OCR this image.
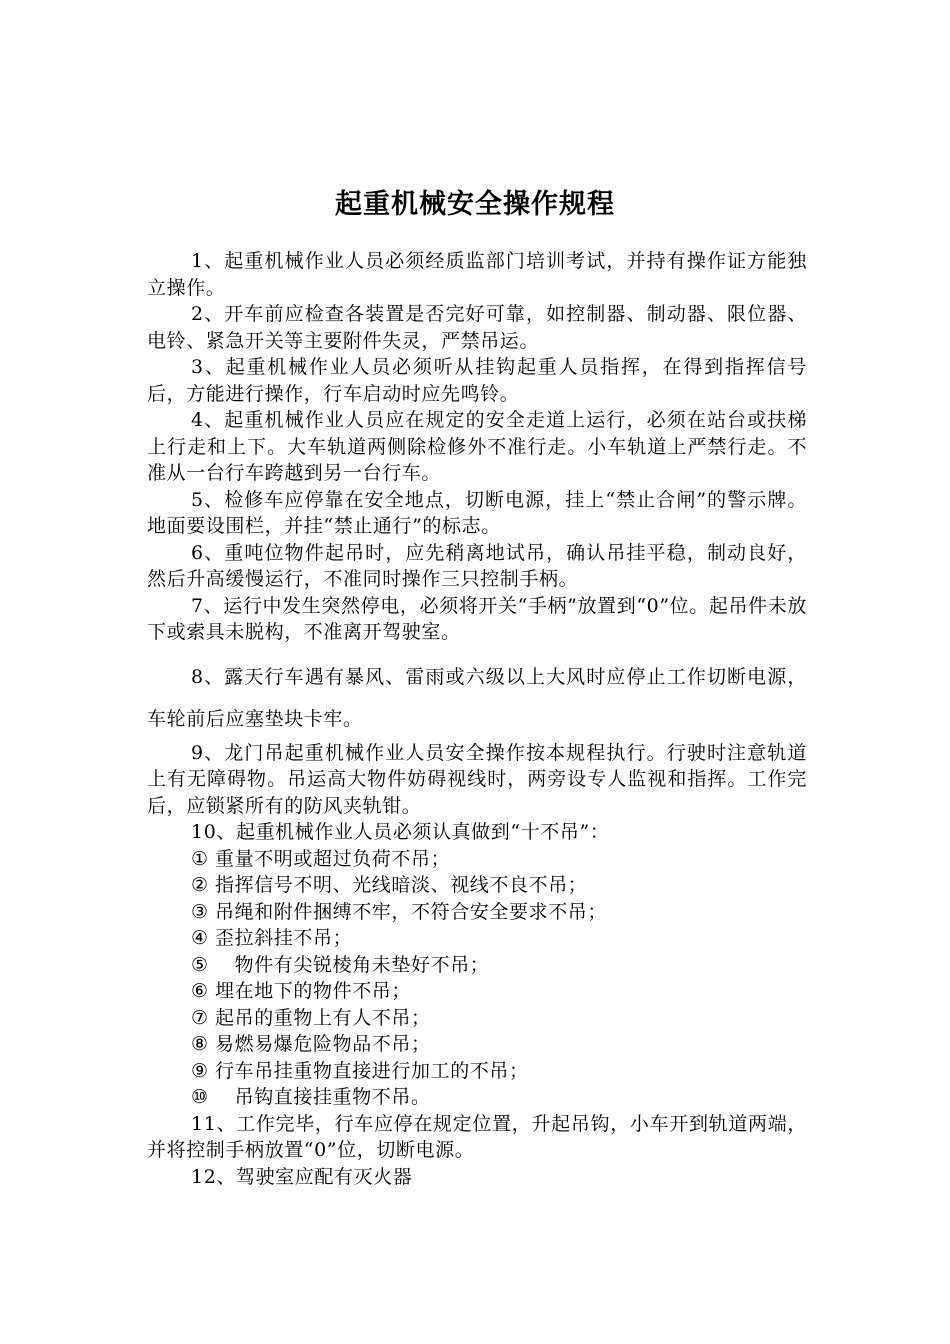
起重机械安全操作规程

1、起重机械作业人员必须经质监部门培训考试，并持有操作证方能独立操作。

2、开车前应检查各装置是否完好可靠，如控制器、制动器、限位器、电铃、紧急开关等主要附件失灵，严禁吊运。

3、起重机械作业人员必须听从挂钩起重人员指挥，在得到指挥信号后，方能进行操作，行车启动时应先鸣铃。

4、起重机械作业人员应在规定的安全走道上运行，必须在站台或扶梯上行走和上下。大车轨道两侧除检修外不准行走。小车轨道上严禁行走。不准从一台行车跨越到另一台行车。

5、检修车应停靠在安全地点，切断电源，挂上“禁止合闸”的警示牌。地面要设围栏，并挂“禁止通行”的标志。

6、重吨位物件起吊时，应先稍离地试吊，确认吊挂平稳，制动良好，然后升高缓慢运行，不准同时操作三只控制手柄。

7、运行中发生突然停电，必须将开关“手柄”放置到“0”位。起吊件未放下或索具未脱构，不准离开驾驶室。

8、露天行车遇有暴风、雷雨或六级以上大风时应停止工作切断电源，车轮前后应塞垫块卡牢。

9、龙门吊起重机械作业人员安全操作按本规程执行。行驶时注意轨道上有无障碍物。吊运高大物件妨碍视线时，两旁设专人监视和指挥。工作完后，应锁紧所有的防风夹轨钳。

10、起重机械作业人员必须认真做到“十不吊”：

① 重量不明或超过负荷不吊；

② 指挥信号不明、光线暗淡、视线不良不吊；

③ 吊绳和附件捆缚不牢，不符合安全要求不吊；

④ 歪拉斜挂不吊；

⑤　物件有尖锐棱角未垫好不吊；

⑥ 埋在地下的物件不吊；

⑦ 起吊的重物上有人不吊；

⑧ 易燃易爆危险物品不吊；

⑨ 行车吊挂重物直接进行加工的不吊；

⑩　吊钩直接挂重物不吊。

11、工作完毕，行车应停在规定位置，升起吊钩，小车开到轨道两端，并将控制手柄放置“0”位，切断电源。

12、驾驶室应配有灭火器
